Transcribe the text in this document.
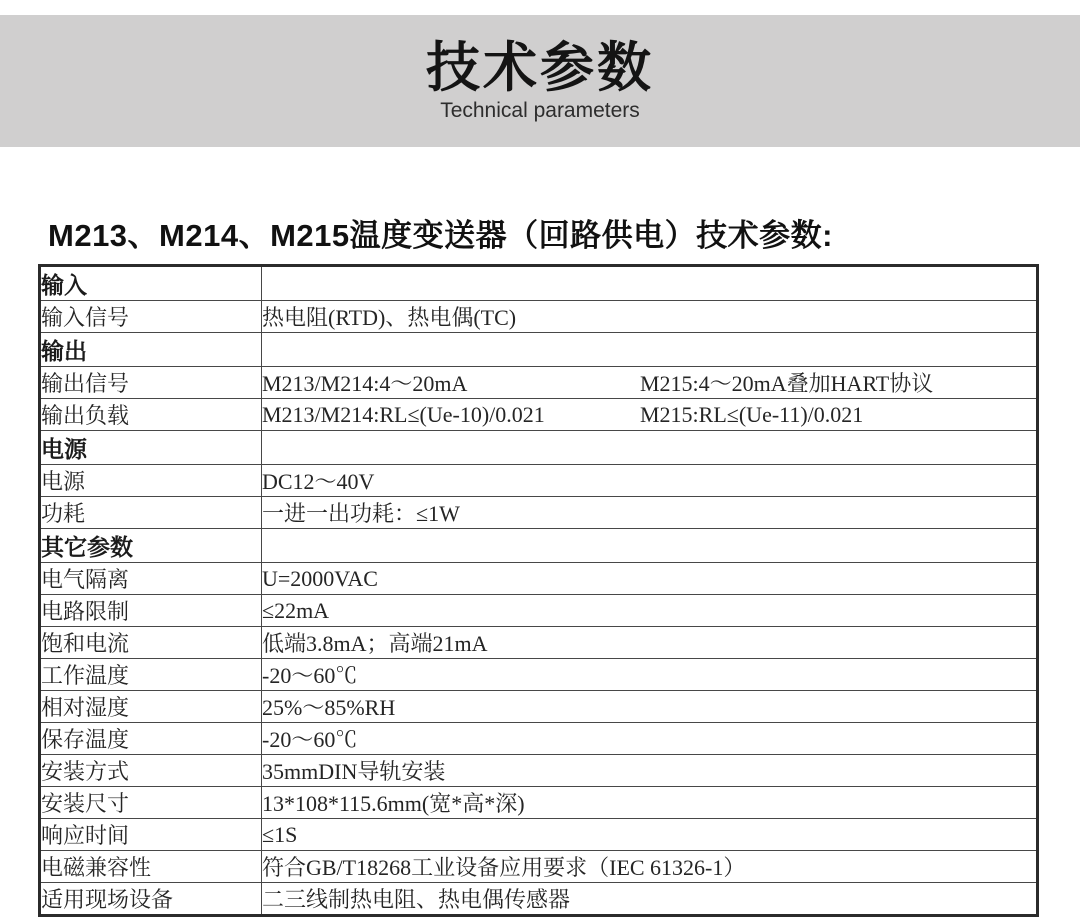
技术参数
Technical parameters
M213、M214、M215温度变送器（回路供电）技术参数:
输入	
输入信号	热电阻(RTD)、热电偶(TC)
输出	
输出信号	M213/M214:4～20mA M215:4～20mA叠加HART协议
输出负载	M213/M214:RL≤(Ue-10)/0.021 M215:RL≤(Ue-11)/0.021
电源	
电源	DC12～40V
功耗	一进一出功耗：≤1W
其它参数	
电气隔离	U=2000VAC
电路限制	≤22mA
饱和电流	低端3.8mA；高端21mA
工作温度	-20～60℃
相对湿度	25%～85%RH
保存温度	-20～60℃
安装方式	35mmDIN导轨安装
安装尺寸	13*108*115.6mm(宽*高*深)
响应时间	≤1S
电磁兼容性	符合GB/T18268工业设备应用要求（IEC 61326-1）
适用现场设备	二三线制热电阻、热电偶传感器
